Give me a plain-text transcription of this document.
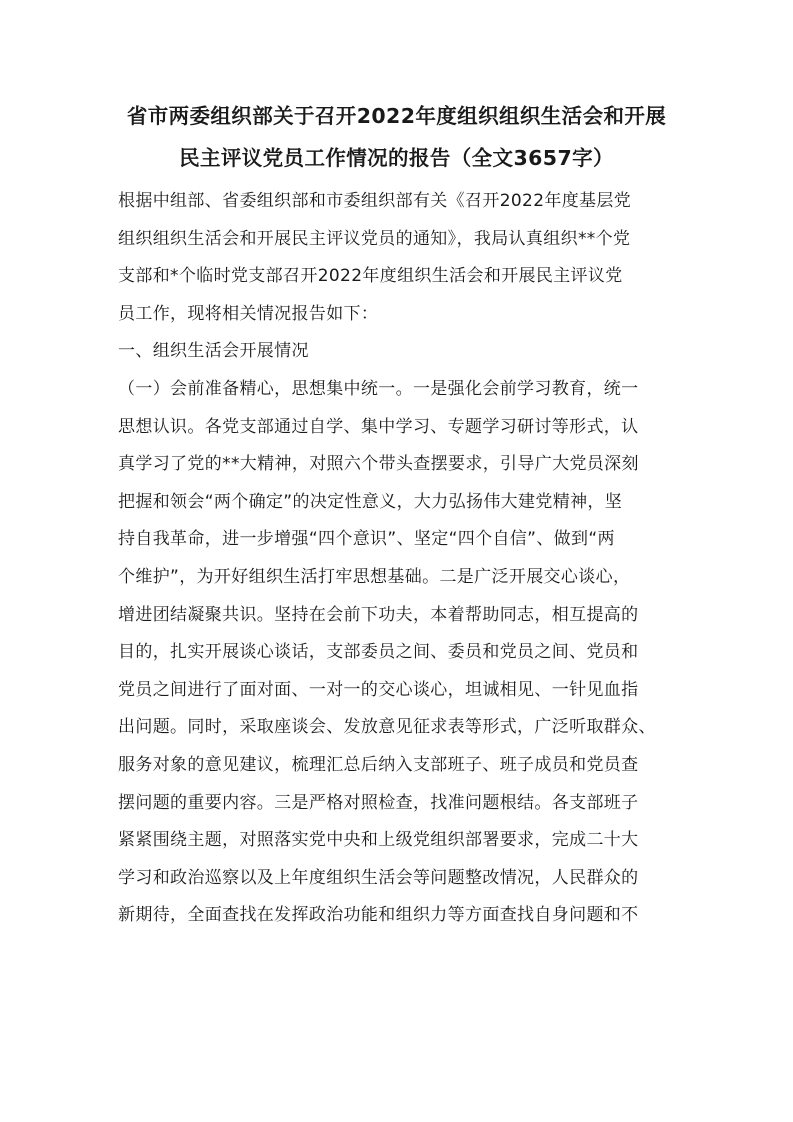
省市两委组织部关于召开2022年度组织组织生活会和开展
民主评议党员工作情况的报告（全文3657字）
根据中组部、省委组织部和市委组织部有关《召开2022年度基层党
组织组织生活会和开展民主评议党员的通知》，我局认真组织**个党
支部和*个临时党支部召开2022年度组织生活会和开展民主评议党
员工作，现将相关情况报告如下：
一、组织生活会开展情况
（一）会前准备精心，思想集中统一。一是强化会前学习教育，统一
思想认识。各党支部通过自学、集中学习、专题学习研讨等形式，认
真学习了党的**大精神，对照六个带头查摆要求，引导广大党员深刻
把握和领会“两个确定”的决定性意义，大力弘扬伟大建党精神，坚
持自我革命，进一步增强“四个意识”、坚定“四个自信”、做到“两
个维护”，为开好组织生活打牢思想基础。二是广泛开展交心谈心，
增进团结凝聚共识。坚持在会前下功夫，本着帮助同志，相互提高的
目的，扎实开展谈心谈话，支部委员之间、委员和党员之间、党员和
党员之间进行了面对面、一对一的交心谈心，坦诚相见、一针见血指
出问题。同时，采取座谈会、发放意见征求表等形式，广泛听取群众、
服务对象的意见建议，梳理汇总后纳入支部班子、班子成员和党员查
摆问题的重要内容。三是严格对照检查，找准问题根结。各支部班子
紧紧围绕主题，对照落实党中央和上级党组织部署要求，完成二十大
学习和政治巡察以及上年度组织生活会等问题整改情况，人民群众的
新期待，全面查找在发挥政治功能和组织力等方面查找自身问题和不
